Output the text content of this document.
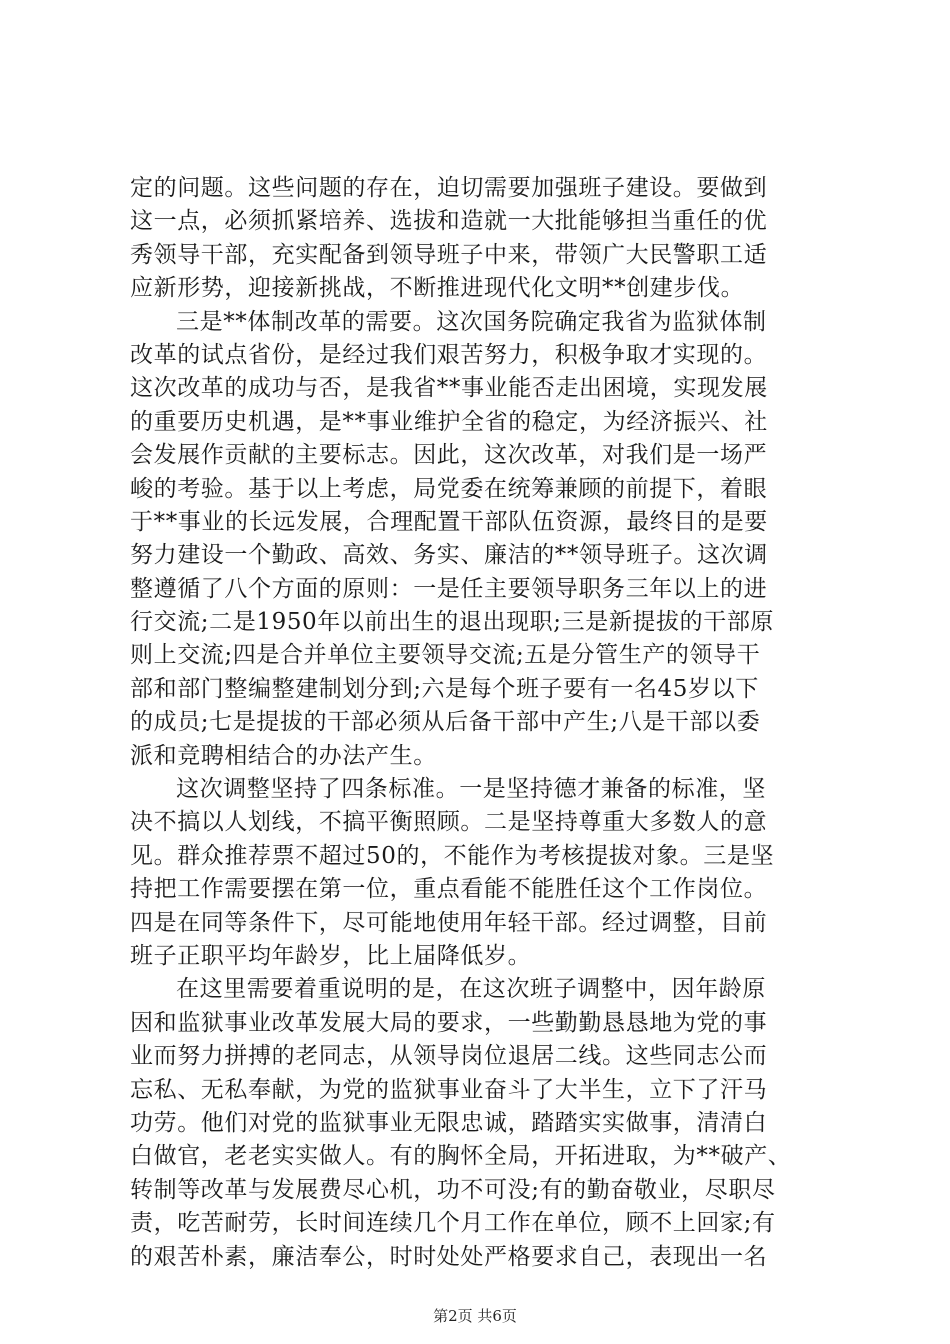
定的问题。这些问题的存在，迫切需要加强班子建设。要做到
这一点，必须抓紧培养、选拔和造就一大批能够担当重任的优
秀领导干部，充实配备到领导班子中来，带领广大民警职工适
应新形势，迎接新挑战，不断推进现代化文明**创建步伐。
三是**体制改革的需要。这次国务院确定我省为监狱体制
改革的试点省份，是经过我们艰苦努力，积极争取才实现的。
这次改革的成功与否，是我省**事业能否走出困境，实现发展
的重要历史机遇，是**事业维护全省的稳定，为经济振兴、社
会发展作贡献的主要标志。因此，这次改革，对我们是一场严
峻的考验。基于以上考虑，局党委在统筹兼顾的前提下，着眼
于**事业的长远发展，合理配置干部队伍资源，最终目的是要
努力建设一个勤政、高效、务实、廉洁的**领导班子。这次调
整遵循了八个方面的原则：一是任主要领导职务三年以上的进
行交流;二是1950年以前出生的退出现职;三是新提拔的干部原
则上交流;四是合并单位主要领导交流;五是分管生产的领导干
部和部门整编整建制划分到;六是每个班子要有一名45岁以下
的成员;七是提拔的干部必须从后备干部中产生;八是干部以委
派和竞聘相结合的办法产生。
这次调整坚持了四条标准。一是坚持德才兼备的标准，坚
决不搞以人划线，不搞平衡照顾。二是坚持尊重大多数人的意
见。群众推荐票不超过50的，不能作为考核提拔对象。三是坚
持把工作需要摆在第一位，重点看能不能胜任这个工作岗位。
四是在同等条件下，尽可能地使用年轻干部。经过调整，目前
班子正职平均年龄岁，比上届降低岁。
在这里需要着重说明的是，在这次班子调整中，因年龄原
因和监狱事业改革发展大局的要求，一些勤勤恳恳地为党的事
业而努力拼搏的老同志，从领导岗位退居二线。这些同志公而
忘私、无私奉献，为党的监狱事业奋斗了大半生，立下了汗马
功劳。他们对党的监狱事业无限忠诚，踏踏实实做事，清清白
白做官，老老实实做人。有的胸怀全局，开拓进取，为**破产、
转制等改革与发展费尽心机，功不可没;有的勤奋敬业，尽职尽
责，吃苦耐劳，长时间连续几个月工作在单位，顾不上回家;有
的艰苦朴素，廉洁奉公，时时处处严格要求自己，表现出一名
第2页 共6页
